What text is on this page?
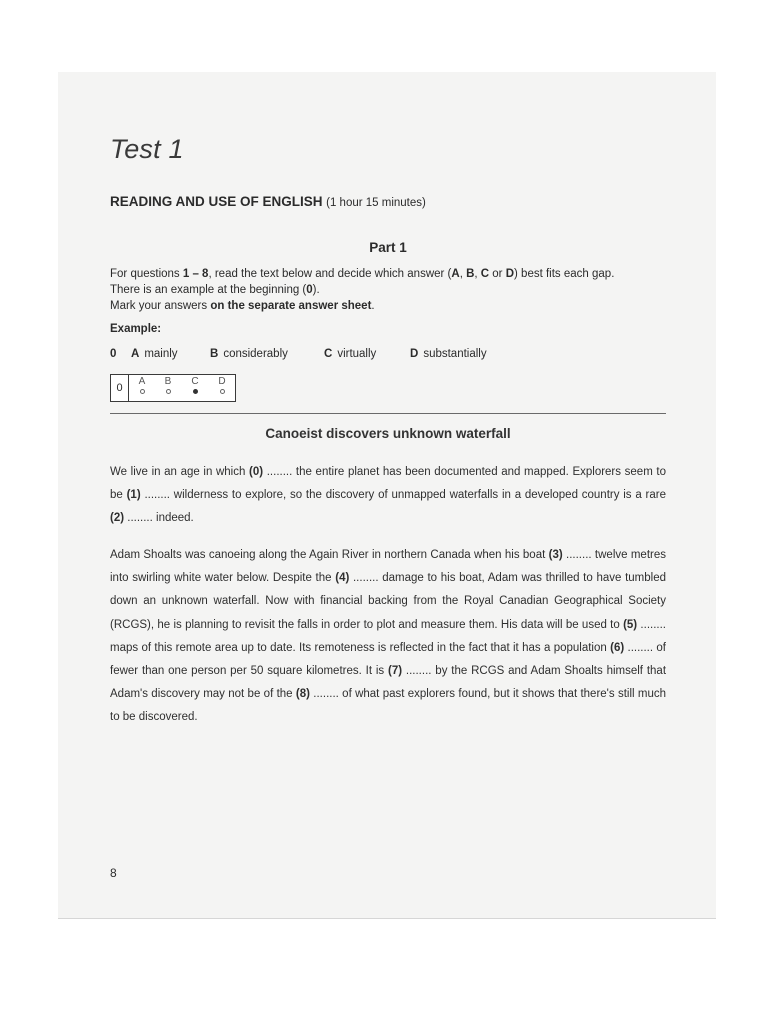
Test 1
READING AND USE OF ENGLISH (1 hour 15 minutes)
Part 1
For questions 1 – 8, read the text below and decide which answer (A, B, C or D) best fits each gap.
There is an example at the beginning (0).
Mark your answers on the separate answer sheet.
Example:
0	A mainly	B considerably	C virtually	D substantially
0
A	B	C	D
Canoeist discovers unknown waterfall
We live in an age in which (0) ........ the entire planet has been documented and mapped. Explorers seem to be (1) ........ wilderness to explore, so the discovery of unmapped waterfalls in a developed country is a rare (2) ........ indeed.
Adam Shoalts was canoeing along the Again River in northern Canada when his boat (3) ........ twelve metres into swirling white water below. Despite the (4) ........ damage to his boat, Adam was thrilled to have tumbled down an unknown waterfall. Now with financial backing from the Royal Canadian Geographical Society (RCGS), he is planning to revisit the falls in order to plot and measure them. His data will be used to (5) ........ maps of this remote area up to date. Its remoteness is reflected in the fact that it has a population (6) ........ of fewer than one person per 50 square kilometres. It is (7) ........ by the RCGS and Adam Shoalts himself that Adam's discovery may not be of the (8) ........ of what past explorers found, but it shows that there's still much to be discovered.
8
